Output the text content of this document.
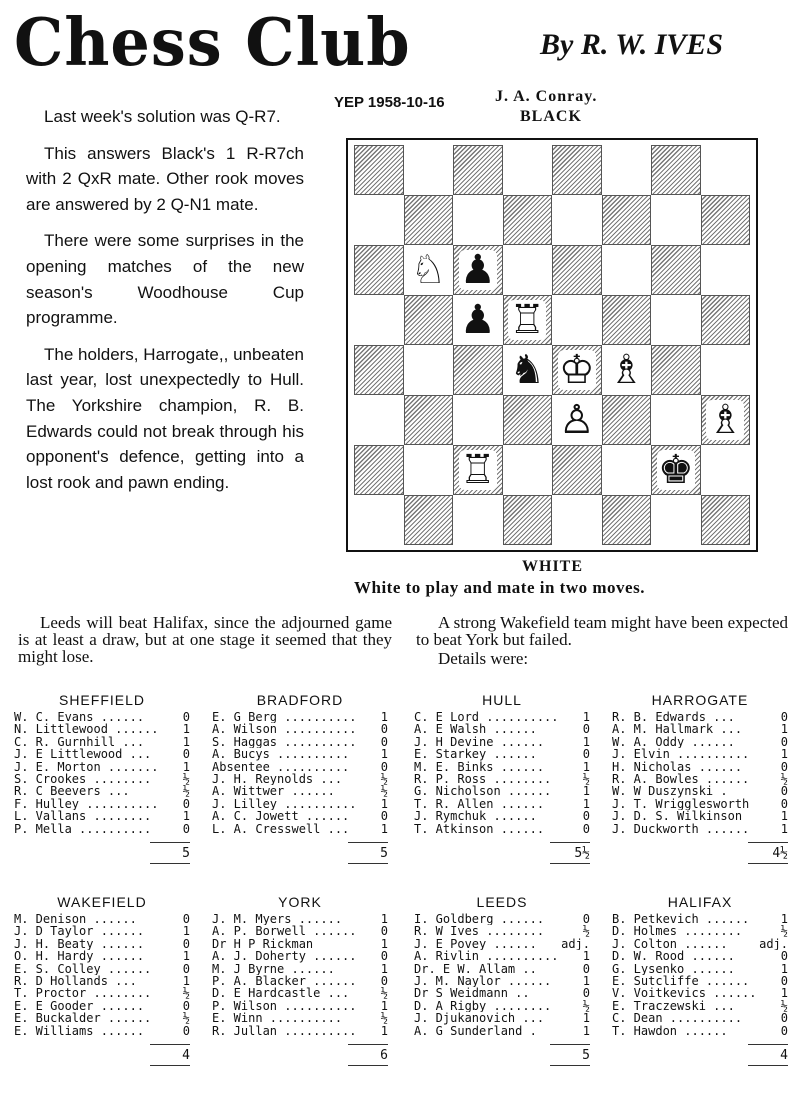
Chess Club	By R. W. IVES
YEP 1958-10-16	J. A. Conray.
BLACK

Last week's solution was Q-R7.

This answers Black's 1 R-R7ch with 2 QxR mate. Other rook moves are answered by 2 Q-N1 mate.

There were some surprises in the opening matches of the new season's Woodhouse Cup programme.

The holders, Harrogate,, unbeaten last year, lost unexpectedly to Hull. The Yorkshire champion, R. B. Edwards could not break through his opponent's defence, getting into a lost rook and pawn ending.

♘ ♟
♟ ♖
♞ ♔ ♗
♙	♗
♖	♚
WHITE
White to play and mate in two moves.
Leeds will beat Halifax, since the adjourned game is at least a draw, but at one stage it seemed that they might lose.
A strong Wakefield team might have been expected to beat York but failed.
Details were:
SHEFFIELD
W. C. Evans ......	0
N. Littlewood ......	1
C. R. Gurnhill ...	1
J. E Littlewood ...	0
J. E. Morton .......	1
S. Crookes ........	½
R. C Beevers ...	½
F. Hulley ..........	0
L. Vallans ........	1
P. Mella ..........	0
5
BRADFORD
E. G Berg ..........	1
A. Wilson ..........	0
S. Haggas ..........	0
A. Bucys ..........	1
Absentee ..........	0
J. H. Reynolds ...	½
A. Wittwer ......	½
J. Lilley ..........	1
A. C. Jowett ......	0
L. A. Cresswell ...	1
5
HULL
C. E Lord ..........	1
A. E Walsh ......	0
J. H Devine ......	1
E. Starkey ......	0
M. E. Binks ......	1
R. P. Ross ........	½
G. Nicholson ......	1
T. R. Allen ......	1
J. Rymchuk ......	0
T. Atkinson ......	0
5½
HARROGATE
R. B. Edwards ...	0
A. M. Hallmark ...	1
W. A. Oddy ......	0
J. Elvin ..........	1
H. Nicholas ......	0
R. A. Bowles ......	½
W. W Duszynski .	0
J. T. Wrigglesworth	0
J. D. S. Wilkinson	1
J. Duckworth ......	1
4½
WAKEFIELD
M. Denison ......	0
J. D Taylor ......	1
J. H. Beaty ......	0
O. H. Hardy ......	1
E. S. Colley ......	0
R. D Hollands ...	1
T. Proctor ........	½
E. E Gooder ......	0
E. Buckalder ......	½
E. Williams ......	0
4
YORK
J. M. Myers ......	1
A. P. Borwell ......	0
Dr H P Rickman	1
A. J. Doherty ......	0
M. J Byrne ......	1
P. A. Blacker ......	0
D. E Hardcastle ...	½
P. Wilson ..........	1
E. Winn ..........	½
R. Jullan ..........	1
6
LEEDS
I. Goldberg ......	0
R. W Ives ........	½
J. E Povey ......	adj.
A. Rivlin ..........	1
Dr. E W. Allam ..	0
J. M. Naylor ......	1
Dr S Weidmann ..	0
D. A Rigby ........	½
J. Djukanovich ...	1
A. G Sunderland .	1
5
HALIFAX
B. Petkevich ......	1
D. Holmes ........	½
J. Colton ......	adj.
D. W. Rood ......	0
G. Lysenko ......	1
E. Sutcliffe ......	0
V. Voitkevics ......	1
E. Traczewski ...	½
C. Dean ..........	0
T. Hawdon ......	0
4
